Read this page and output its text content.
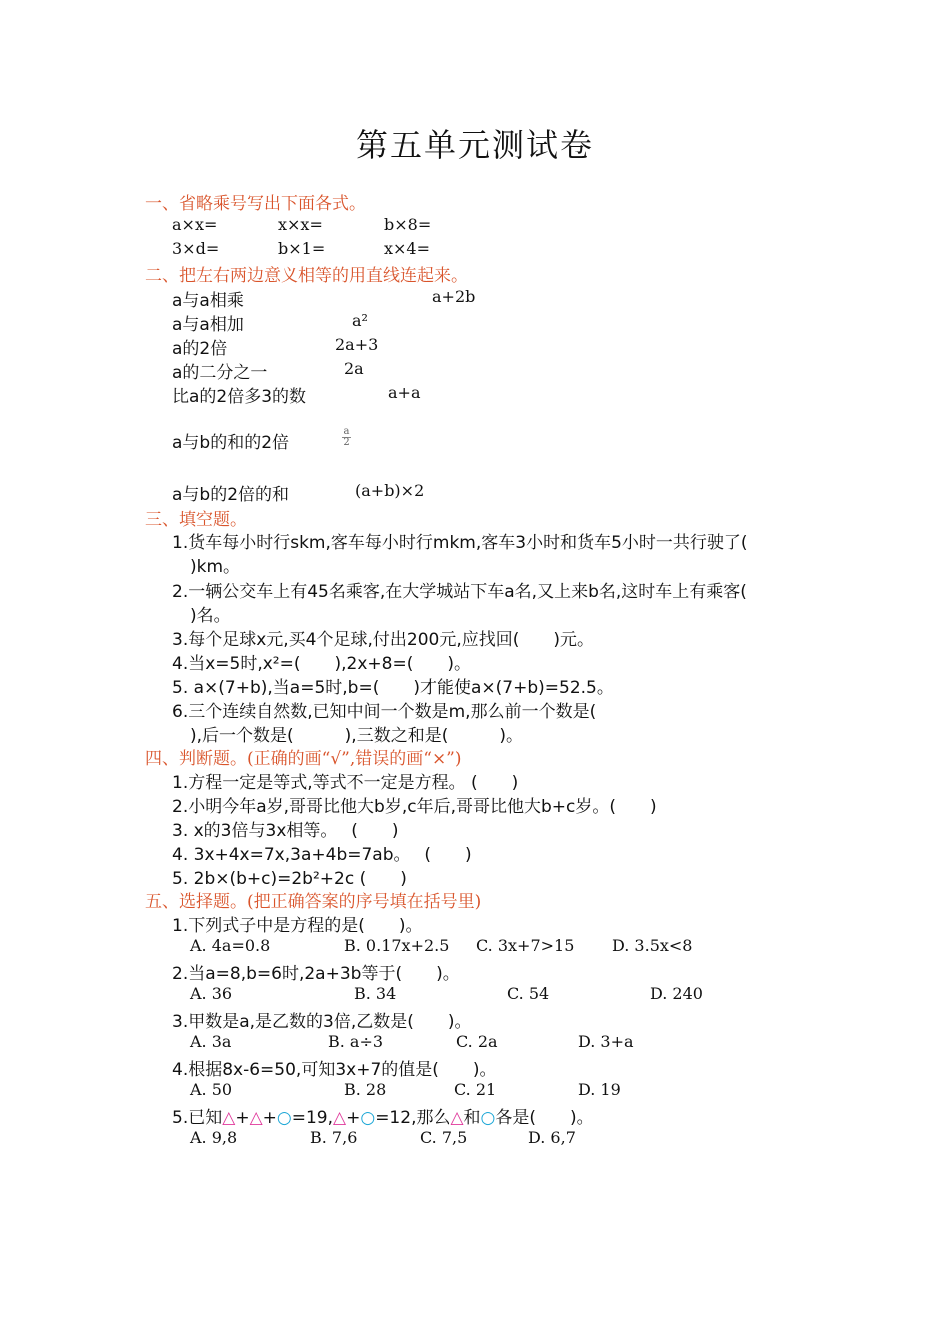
第五单元测试卷
一、省略乘号写出下面各式。
a×x=	x×x=	b×8=
3×d=	b×1=	x×4=
二、把左右两边意义相等的用直线连起来。
a与a相乘
a与a相加
a的2倍
a的二分之一
比a的2倍多3的数
a与b的和的2倍
a与b的2倍的和
a+2b
a²
2a+3
2a
a+a
a
2
(a+b)×2
三、填空题。
1.货车每小时行skm,客车每小时行mkm,客车3小时和货车5小时一共行驶了(
)km。
2.一辆公交车上有45名乘客,在大学城站下车a名,又上来b名,这时车上有乘客(
)名。
3.每个足球x元,买4个足球,付出200元,应找回(　　)元。
4.当x=5时,x²=(　　),2x+8=(　　)。
5. a×(7+b),当a=5时,b=(　　)才能使a×(7+b)=52.5。
6.三个连续自然数,已知中间一个数是m,那么前一个数是(
),后一个数是(　　　),三数之和是(　　　)。
四、判断题。(正确的画“√”,错误的画“×”)
1.方程一定是等式,等式不一定是方程。 (　　)
2.小明今年a岁,哥哥比他大b岁,c年后,哥哥比他大b+c岁。(　　)
3. x的3倍与3x相等。　 (　　)
4. 3x+4x=7x,3a+4b=7ab。　 (　　)
5. 2b×(b+c)=2b²+2c (　　)
五、选择题。(把正确答案的序号填在括号里)
1.下列式子中是方程的是(　　)。
A. 4a=0.8	B. 0.17x+2.5 C. 3x+7>15 D. 3.5x<8
2.当a=8,b=6时,2a+3b等于(　　)。
A. 36	B. 34	C. 54	D. 240
3.甲数是a,是乙数的3倍,乙数是(　　)。
A. 3a	B. a÷3	C. 2a	D. 3+a
4.根据8x-6=50,可知3x+7的值是(　　)。
A. 50	B. 28	C. 21	D. 19
5.已知△+△+○=19,△+○=12,那么△和○各是(　　)。
A. 9,8	B. 7,6	C. 7,5	D. 6,7
